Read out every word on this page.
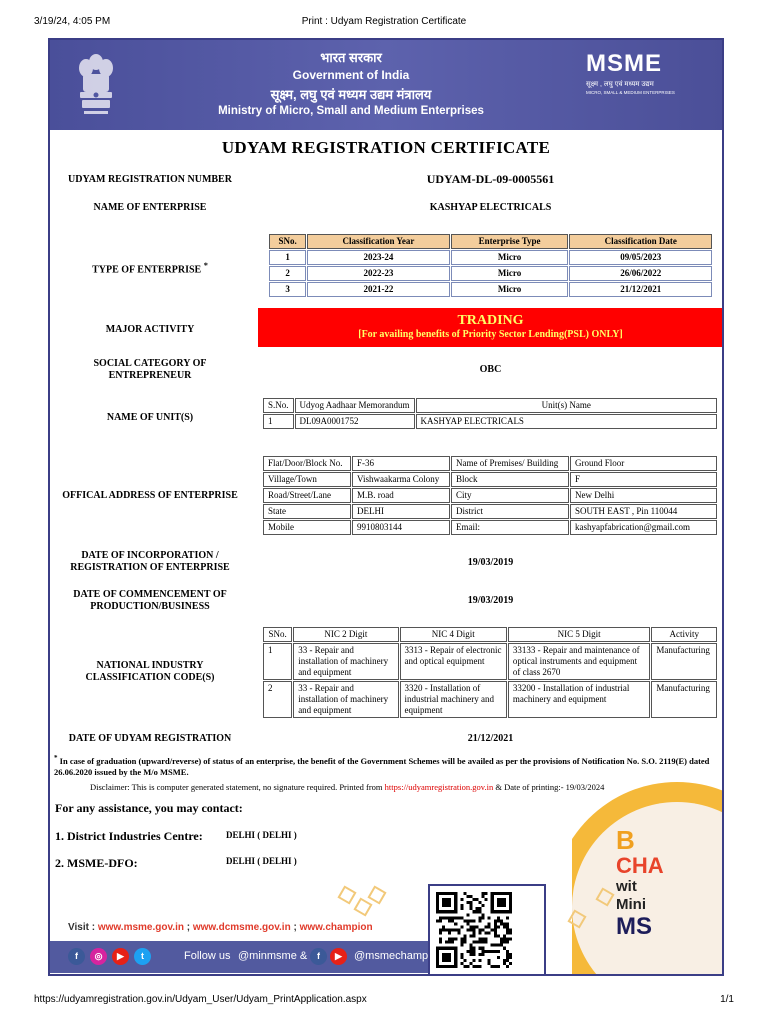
3/19/24, 4:05 PM	Print : Udyam Registration Certificate
भारत सरकार
Government of India
सूक्ष्म, लघु एवं मध्यम उद्यम मंत्रालय
Ministry of Micro, Small and Medium Enterprises
MSME
सूक्ष्म , लघु एवं मध्यम उद्यम
MICRO, SMALL & MEDIUM ENTERPRISES
UDYAM REGISTRATION CERTIFICATE
UDYAM REGISTRATION NUMBER	UDYAM-DL-09-0005561
NAME OF ENTERPRISE	KASHYAP ELECTRICALS
TYPE OF ENTERPRISE *
SNo.	Classification Year	Enterprise Type	Classification Date
1	2023-24	Micro	09/05/2023
2	2022-23	Micro	26/06/2022
3	2021-22	Micro	21/12/2021
MAJOR ACTIVITY
TRADING
[For availing benefits of Priority Sector Lending(PSL) ONLY]
SOCIAL CATEGORY OF ENTREPRENEUR
OBC
NAME OF UNIT(S)
S.No.	Udyog Aadhaar Memorandum	Unit(s) Name
1	DL09A0001752	KASHYAP ELECTRICALS
OFFICAL ADDRESS OF ENTERPRISE
Flat/Door/Block No.	F-36	Name of Premises/ Building	Ground Floor
Village/Town	Vishwaakarma Colony	Block	F
Road/Street/Lane	M.B. road	City	New Delhi
State	DELHI	District	SOUTH EAST , Pin 110044
Mobile	9910803144	Email:	kashyapfabrication@gmail.com
DATE OF INCORPORATION / REGISTRATION OF ENTERPRISE	19/03/2019
DATE OF COMMENCEMENT OF PRODUCTION/BUSINESS
19/03/2019
NATIONAL INDUSTRY CLASSIFICATION CODE(S)
SNo.	NIC 2 Digit	NIC 4 Digit	NIC 5 Digit	Activity
1	33 - Repair and installation of machinery and equipment	3313 - Repair of electronic and optical equipment	33133 - Repair and maintenance of optical instruments and equipment of class 2670	Manufacturing
2	33 - Repair and installation of machinery and equipment	3320 - Installation of industrial machinery and equipment	33200 - Installation of industrial machinery and equipment	Manufacturing
DATE OF UDYAM REGISTRATION	21/12/2021
* In case of graduation (upward/reverse) of status of an enterprise, the benefit of the Government Schemes will be availed as per the provisions of Notification No. S.O. 2119(E) dated 26.06.2020 issued by the M/o MSME.
Disclaimer: This is computer generated statement, no signature required. Printed from https://udyamregistration.gov.in & Date of printing:- 19/03/2024
B
CHA
wit
Mini
MS
For any assistance, you may contact:
1. District Industries Centre:	DELHI ( DELHI )
2. MSME-DFO:	DELHI ( DELHI )
Visit : www.msme.gov.in ; www.dcmsme.gov.in ; www.champion
f	◎	▶	t	Follow us @minmsme &	f	▶	@msmechamp
https://udyamregistration.gov.in/Udyam_User/Udyam_PrintApplication.aspx	1/1
